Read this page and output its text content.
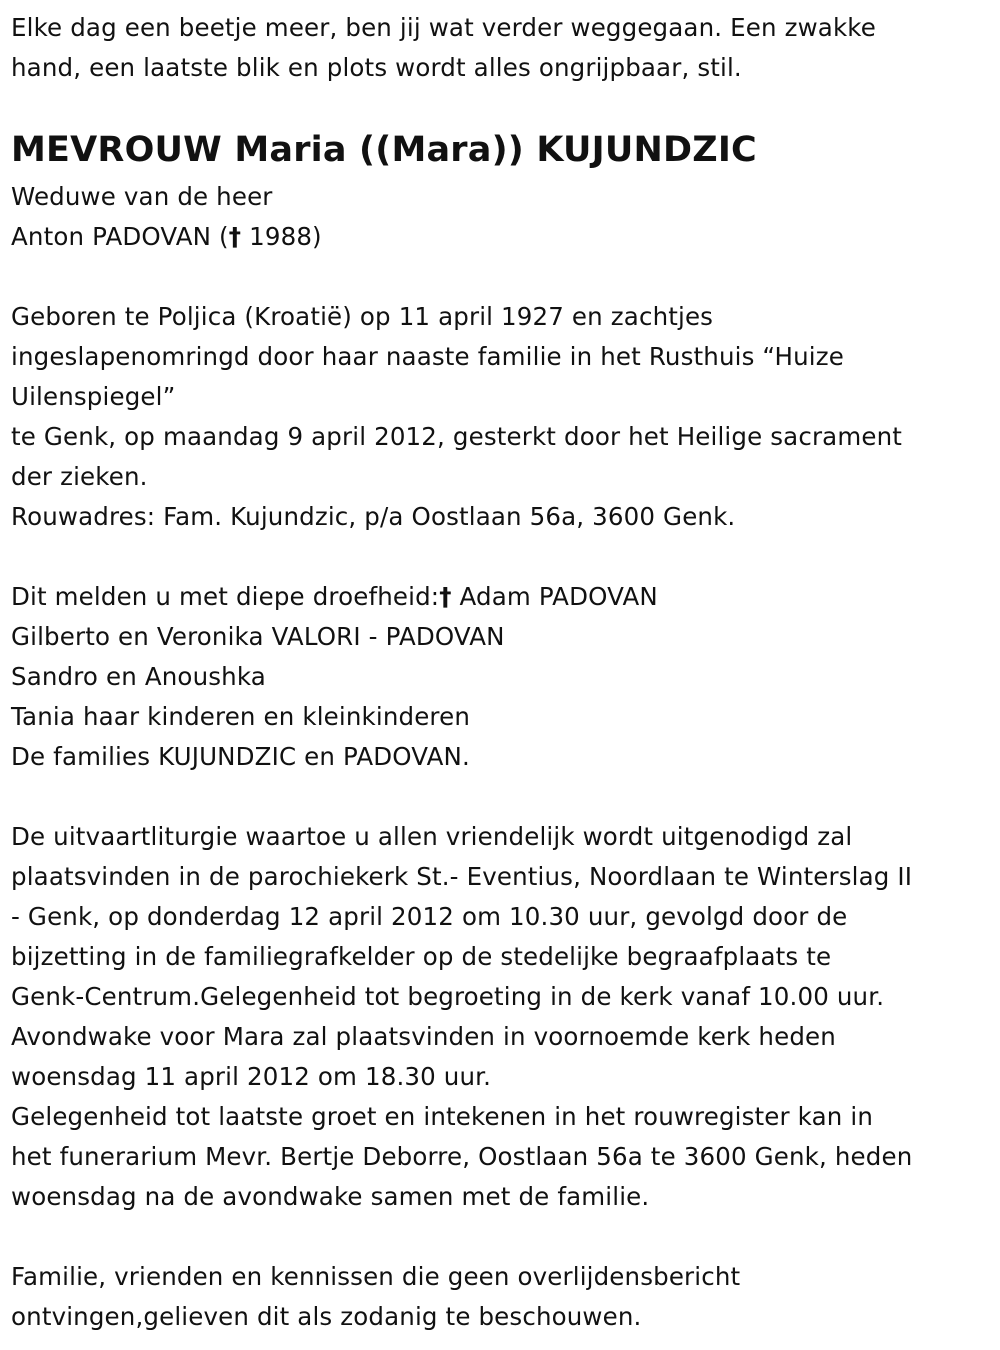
Elke dag een beetje meer, ben jij wat verder weggegaan. Een zwakke
hand, een laatste blik en plots wordt alles ongrijpbaar, stil.
MEVROUW Maria ((Mara)) KUJUNDZIC
Weduwe van de heer
Anton PADOVAN († 1988)
Geboren te Poljica (Kroatië) op 11 april 1927 en zachtjes
ingeslapenomringd door haar naaste familie in het Rusthuis “Huize
Uilenspiegel”
te Genk, op maandag 9 april 2012, gesterkt door het Heilige sacrament
der zieken.
Rouwadres: Fam. Kujundzic, p/a Oostlaan 56a, 3600 Genk.
Dit melden u met diepe droefheid:† Adam PADOVAN
Gilberto en Veronika VALORI - PADOVAN
Sandro en Anoushka
Tania haar kinderen en kleinkinderen
De families KUJUNDZIC en PADOVAN.
De uitvaartliturgie waartoe u allen vriendelijk wordt uitgenodigd zal
plaatsvinden in de parochiekerk St.- Eventius, Noordlaan te Winterslag II
- Genk, op donderdag 12 april 2012 om 10.30 uur, gevolgd door de
bijzetting in de familiegrafkelder op de stedelijke begraafplaats te
Genk-Centrum.Gelegenheid tot begroeting in de kerk vanaf 10.00 uur.
Avondwake voor Mara zal plaatsvinden in voornoemde kerk heden
woensdag 11 april 2012 om 18.30 uur.
Gelegenheid tot laatste groet en intekenen in het rouwregister kan in
het funerarium Mevr. Bertje Deborre, Oostlaan 56a te 3600 Genk, heden
woensdag na de avondwake samen met de familie.
Familie, vrienden en kennissen die geen overlijdensbericht
ontvingen,gelieven dit als zodanig te beschouwen.
